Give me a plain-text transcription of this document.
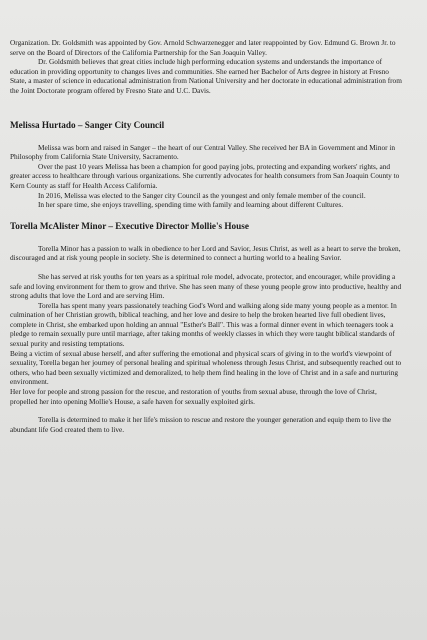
Organization. Dr. Goldsmith was appointed by Gov. Arnold Schwarzenegger and later reappointed by Gov. Edmund G. Brown Jr. to serve on the Board of Directors of the California Partnership for the San Joaquin Valley.

Dr. Goldsmith believes that great cities include high performing education systems and understands the importance of education in providing opportunity to changes lives and communities. She earned her Bachelor of Arts degree in history at Fresno State, a master of science in educational administration from National University and her doctorate in educational administration from the Joint Doctorate program offered by Fresno State and U.C. Davis.

Melissa Hurtado – Sanger City Council

Melissa was born and raised in Sanger – the heart of our Central Valley. She received her BA in Government and Minor in Philosophy from California State University, Sacramento.

Over the past 10 years Melissa has been a champion for good paying jobs, protecting and expanding workers' rights, and greater access to healthcare through various organizations. She currently advocates for health consumers from San Joaquin County to Kern County as staff for Health Access California.

In 2016, Melissa was elected to the Sanger city Council as the youngest and only female member of the council.

In her spare time, she enjoys travelling, spending time with family and learning about different Cultures.

Torella McAlister Minor – Executive Director Mollie's House

Torella Minor has a passion to walk in obedience to her Lord and Savior, Jesus Christ, as well as a heart to serve the broken, discouraged and at risk young people in society. She is determined to connect a hurting world to a healing Savior.

She has served at risk youths for ten years as a spiritual role model, advocate, protector, and encourager, while providing a safe and loving environment for them to grow and thrive. She has seen many of these young people grow into productive, healthy and strong adults that love the Lord and are serving Him.

Torella has spent many years passionately teaching God's Word and walking along side many young people as a mentor. In culmination of her Christian growth, biblical teaching, and her love and desire to help the broken hearted live full obedient lives, complete in Christ, she embarked upon holding an annual "Esther's Ball". This was a formal dinner event in which teenagers took a pledge to remain sexually pure until marriage, after taking months of weekly classes in which they were taught biblical standards of sexual purity and resisting temptations.

Being a victim of sexual abuse herself, and after suffering the emotional and physical scars of giving in to the world's viewpoint of sexuality, Torella began her journey of personal healing and spiritual wholeness through Jesus Christ, and subsequently reached out to others, who had been sexually victimized and demoralized, to help them find healing in the love of Christ and in a safe and nurturing environment.

Her love for people and strong passion for the rescue, and restoration of youths from sexual abuse, through the love of Christ, propelled her into opening Mollie's House, a safe haven for sexually exploited girls.

Torella is determined to make it her life's mission to rescue and restore the younger generation and equip them to live the abundant life God created them to live.
